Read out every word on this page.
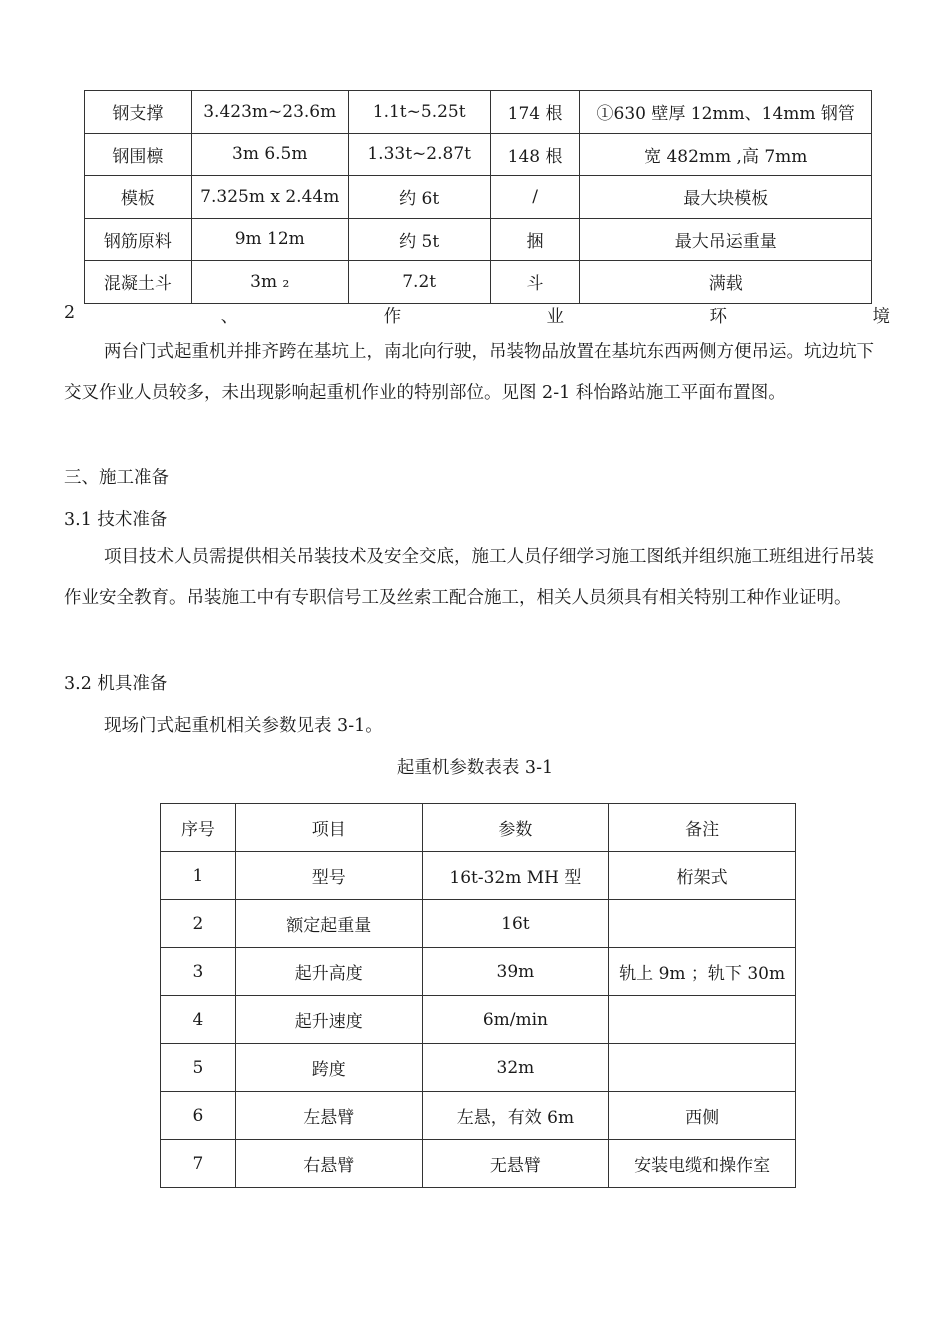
钢支撑	3.423m~23.6m	1.1t~5.25t	174 根	①630 壁厚 12mm、14mm 钢管
钢围檩	3m 6.5m	1.33t~2.87t	148 根	宽 482mm ,高 7mm
模板	7.325m x 2.44m	约 6t	/	最大块模板
钢筋原料	9m 12m	约 5t	捆	最大吊运重量
混凝土斗	3m ₂	7.2t	斗	满载
2	、	作	业	环	境
两台门式起重机并排齐跨在基坑上，南北向行驶，吊装物品放置在基坑东西两侧方便吊运。坑边坑下交叉作业人员较多，未出现影响起重机作业的特别部位。见图 2-1 科怡路站施工平面布置图。
三、施工准备
3.1 技术准备
项目技术人员需提供相关吊装技术及安全交底，施工人员仔细学习施工图纸并组织施工班组进行吊装作业安全教育。吊装施工中有专职信号工及丝索工配合施工，相关人员须具有相关特别工种作业证明。
3.2 机具准备
现场门式起重机相关参数见表 3-1。
起重机参数表表 3-1
序号	项目	参数	备注
1	型号	16t-32m MH 型	桁架式
2	额定起重量	16t	
3	起升高度	39m	轨上 9m ；轨下 30m
4	起升速度	6m/min	
5	跨度	32m	
6	左悬臂	左悬，有效 6m	西侧
7	右悬臂	无悬臂	安装电缆和操作室
